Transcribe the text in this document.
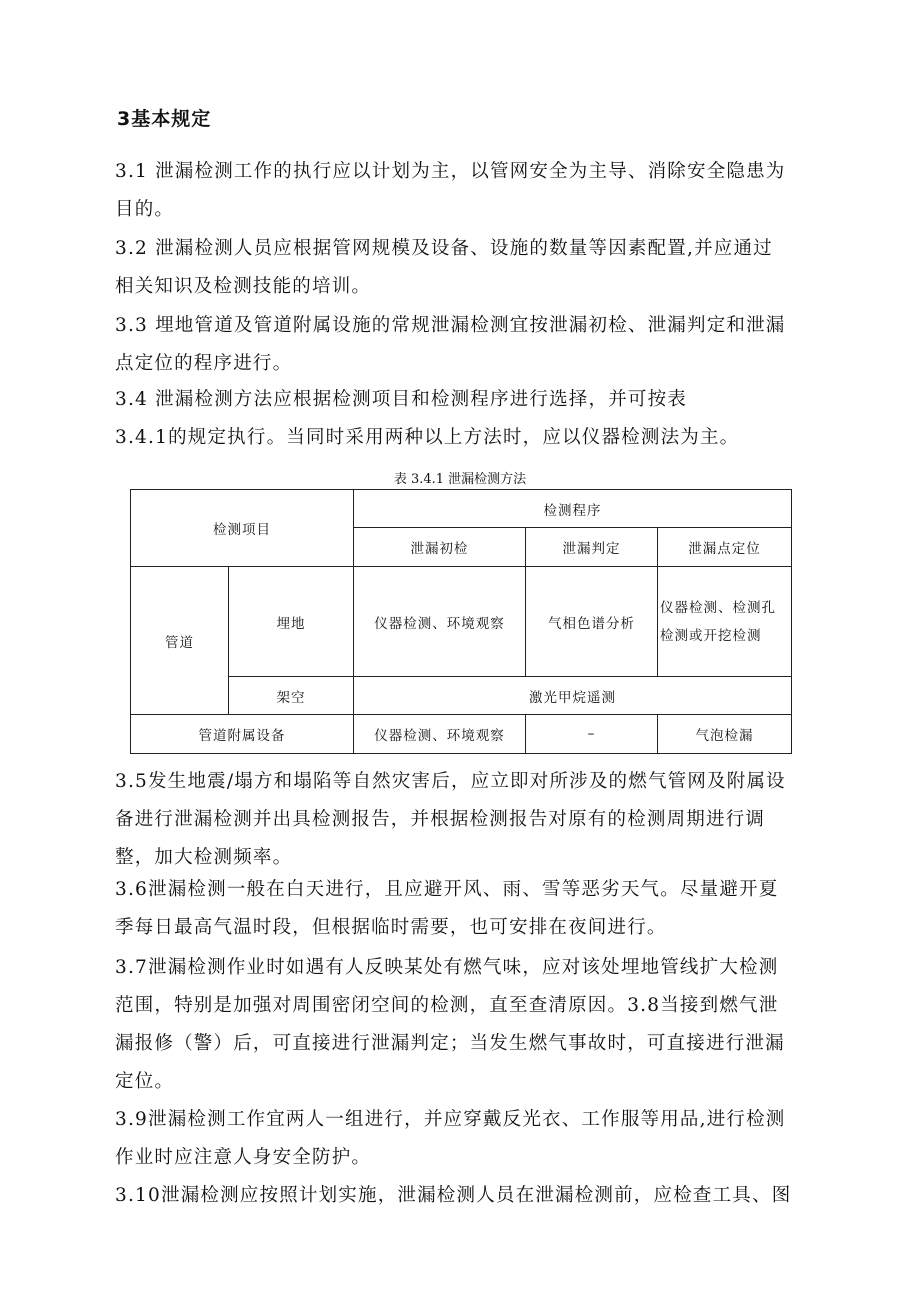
3基本规定
3.1 泄漏检测工作的执行应以计划为主，以管网安全为主导、消除安全隐患为
目的。
3.2 泄漏检测人员应根据管网规模及设备、设施的数量等因素配置,并应通过
相关知识及检测技能的培训。
3.3 埋地管道及管道附属设施的常规泄漏检测宜按泄漏初检、泄漏判定和泄漏
点定位的程序进行。
3.4 泄漏检测方法应根据检测项目和检测程序进行选择，并可按表
3.4.1的规定执行。当同时采用两种以上方法时，应以仪器检测法为主。
表 3.4.1 泄漏检测方法
检测项目		检测程序		
		泄漏初检	泄漏判定	泄漏点定位
管道	埋地	仪器检测、环境观察	气相色谱分析	仪器检测、检测孔
检测或开挖检测

	架空	激光甲烷遥测		
管道附属设备		仪器检测、环境观察	–	气泡检漏
3.5发生地震/塌方和塌陷等自然灾害后，应立即对所涉及的燃气管网及附属设
备进行泄漏检测并出具检测报告，并根据检测报告对原有的检测周期进行调
整，加大检测频率。
3.6泄漏检测一般在白天进行，且应避开风、雨、雪等恶劣天气。尽量避开夏
季每日最高气温时段，但根据临时需要，也可安排在夜间进行。
3.7泄漏检测作业时如遇有人反映某处有燃气味，应对该处埋地管线扩大检测
范围，特别是加强对周围密闭空间的检测，直至查清原因。3.8当接到燃气泄
漏报修（警）后，可直接进行泄漏判定；当发生燃气事故时，可直接进行泄漏
定位。
3.9泄漏检测工作宜两人一组进行，并应穿戴反光衣、工作服等用品,进行检测
作业时应注意人身安全防护。
3.10泄漏检测应按照计划实施，泄漏检测人员在泄漏检测前，应检查工具、图
